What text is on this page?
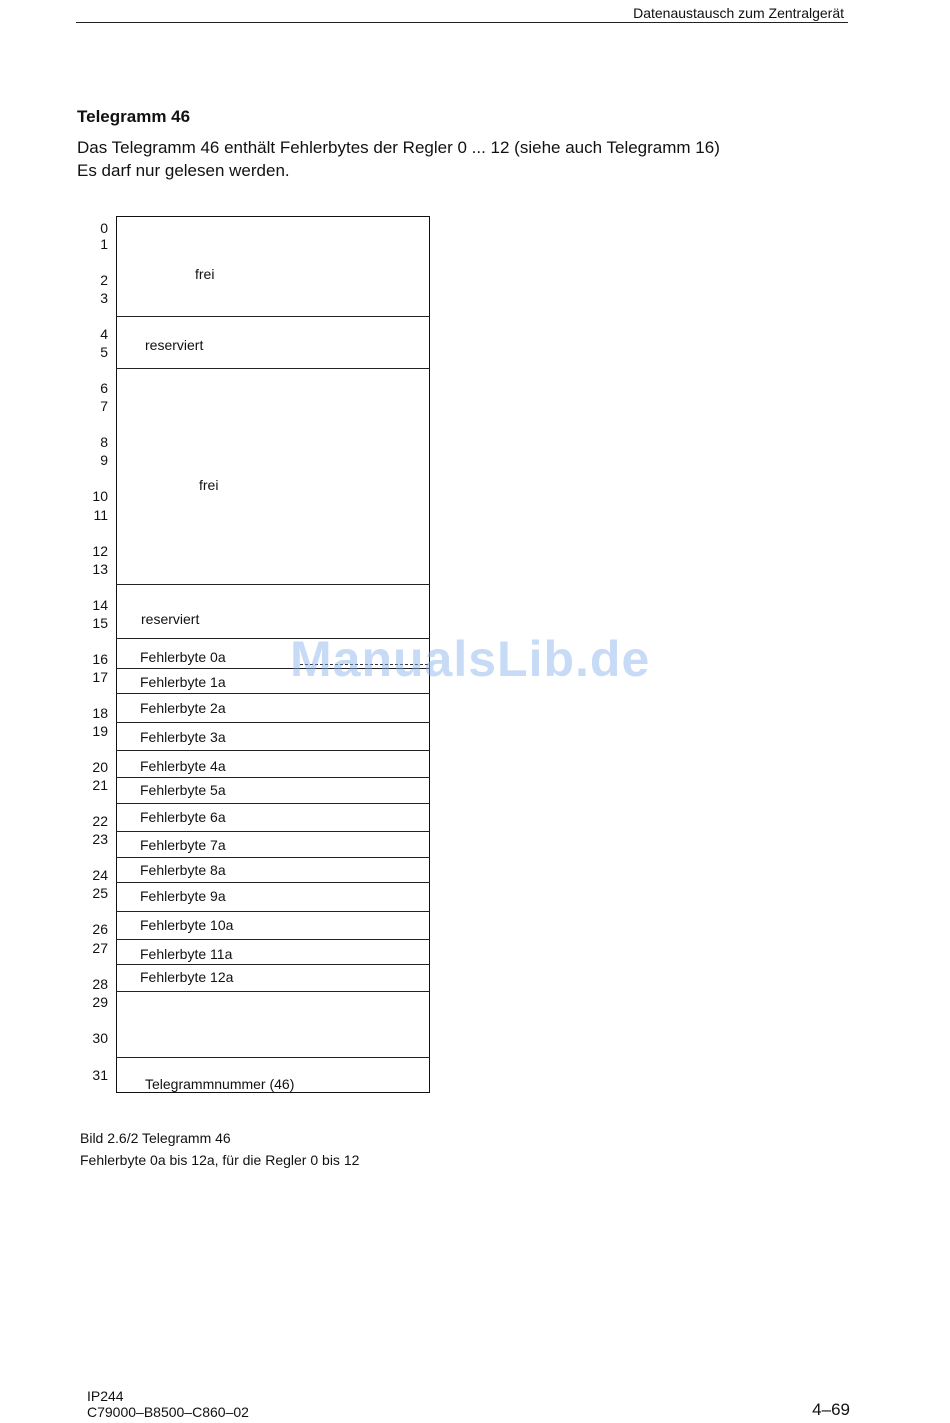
Datenaustausch zum Zentralgerät
Telegramm 46
Das Telegramm 46 enthält Fehlerbytes der Regler 0 ... 12 (siehe auch Telegramm 16)
Es darf nur gelesen werden.
0
1
2
3
4
5
6
7
8
9
10
11
12
13
14
15
16
17
18
19
20
21
22
23
24
25
26
27
28
29
30
31
frei
reserviert
frei
reserviert
Fehlerbyte 0a
Fehlerbyte 1a
Fehlerbyte 2a
Fehlerbyte 3a
Fehlerbyte 4a
Fehlerbyte 5a
Fehlerbyte 6a
Fehlerbyte 7a
Fehlerbyte 8a
Fehlerbyte 9a
Fehlerbyte 10a
Fehlerbyte 11a
Fehlerbyte 12a
Telegrammnummer (46)
ManualsLib.de
Bild 2.6/2 Telegramm 46
Fehlerbyte 0a bis 12a, für die Regler 0 bis 12
IP244
C79000–B8500–C860–02	4–69
